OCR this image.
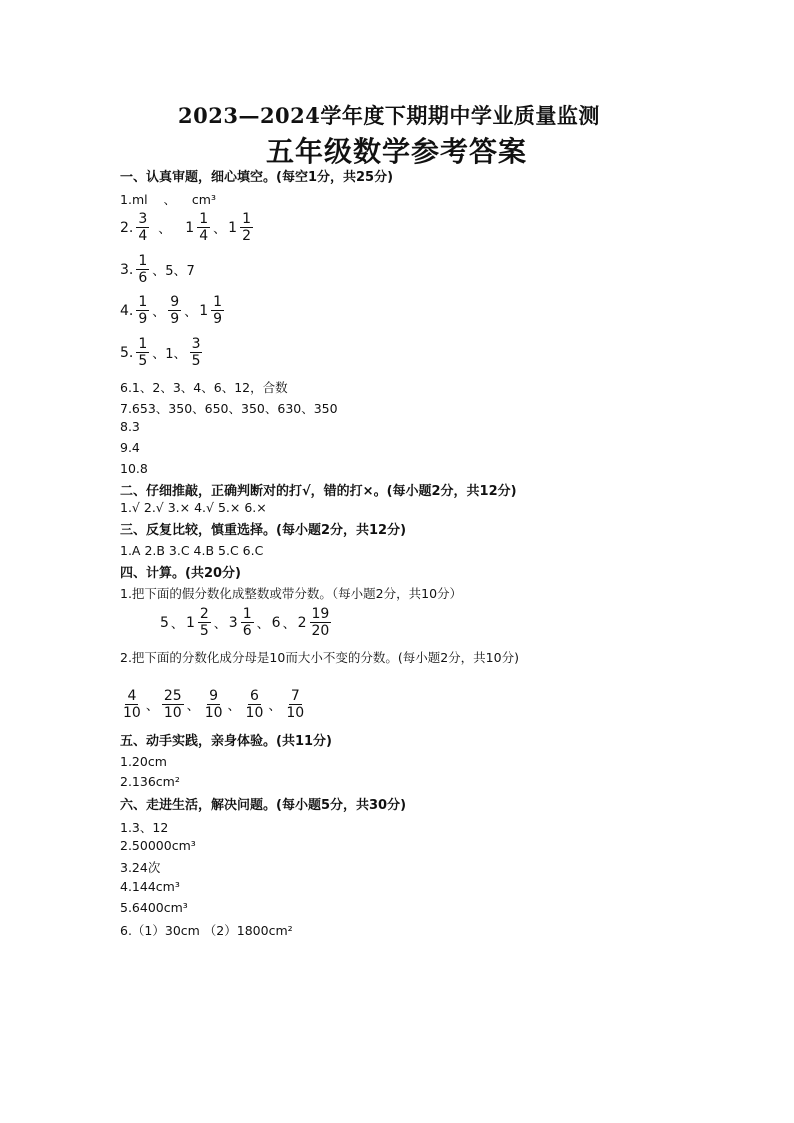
2023—2024学年度下期期中学业质量监测
五年级数学参考答案
一、认真审题，细心填空。(每空1分，共25分)
1.ml 、 cm³
2. $\frac{3}{4}$ 、 $1 \frac{1}{4}$ 、 $1 \frac{1}{2}$
3. $\frac{1}{6}$ 、5、7
4. $\frac{1}{9}$ 、 $\frac{9}{9}$ 、 $1 \frac{1}{9}$
5. $\frac{1}{5}$ 、1、 $\frac{3}{5}$
6.1、2、3、4、6、12，合数
7.653、350、650、350、630、350
8.3
9.4
10.8
二、仔细推敲，正确判断对的打√，错的打×。(每小题2分，共12分)
1.√ 2.√ 3.× 4.√ 5.× 6.×
三、反复比较，慎重选择。(每小题2分，共12分)
1.A 2.B 3.C 4.B 5.C 6.C
四、计算。(共20分)
1.把下面的假分数化成整数或带分数。（每小题2分，共10分）
5 、 $1 \frac{2}{5}$ 、 $3 \frac{1}{6}$ 、 6 、 $2 \frac{19}{20}$
2.把下面的分数化成分母是10而大小不变的分数。(每小题2分，共10分)
$\frac{4}{10}$ 、 $\frac{25}{10}$ 、 $\frac{9}{10}$ 、 $\frac{6}{10}$ 、 $\frac{7}{10}$
五、动手实践，亲身体验。(共11分)
1.20cm
2.136cm²
六、走进生活，解决问题。(每小题5分，共30分)
1.3、12
2.50000cm³
3.24次
4.144cm³
5.6400cm³
6.（1）30cm （2）1800cm²
